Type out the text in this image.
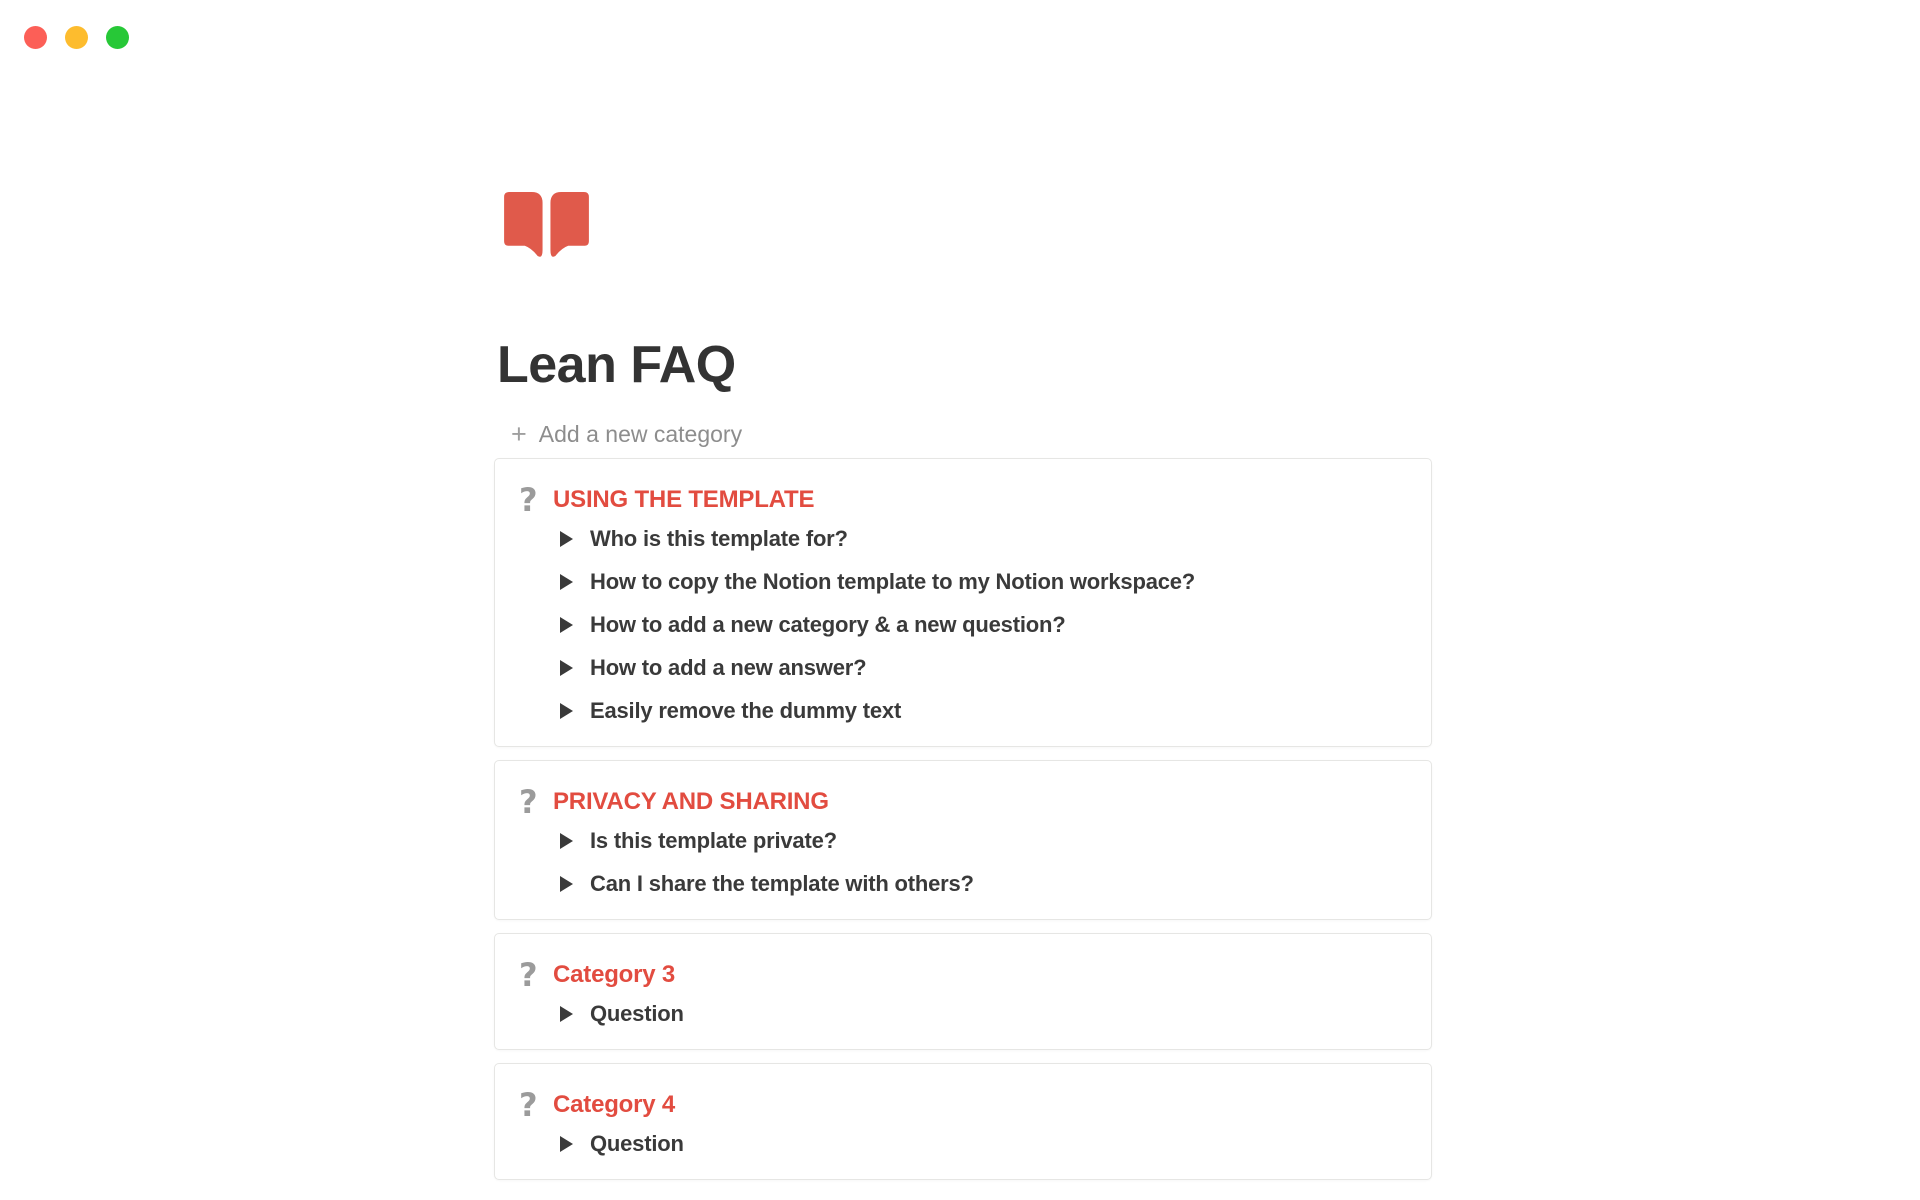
Lean FAQ
+ Add a new category
? USING THE TEMPLATE
Who is this template for?
How to copy the Notion template to my Notion workspace?
How to add a new category & a new question?
How to add a new answer?
Easily remove the dummy text
? PRIVACY AND SHARING
Is this template private?
Can I share the template with others?
? Category 3
Question
? Category 4
Question
